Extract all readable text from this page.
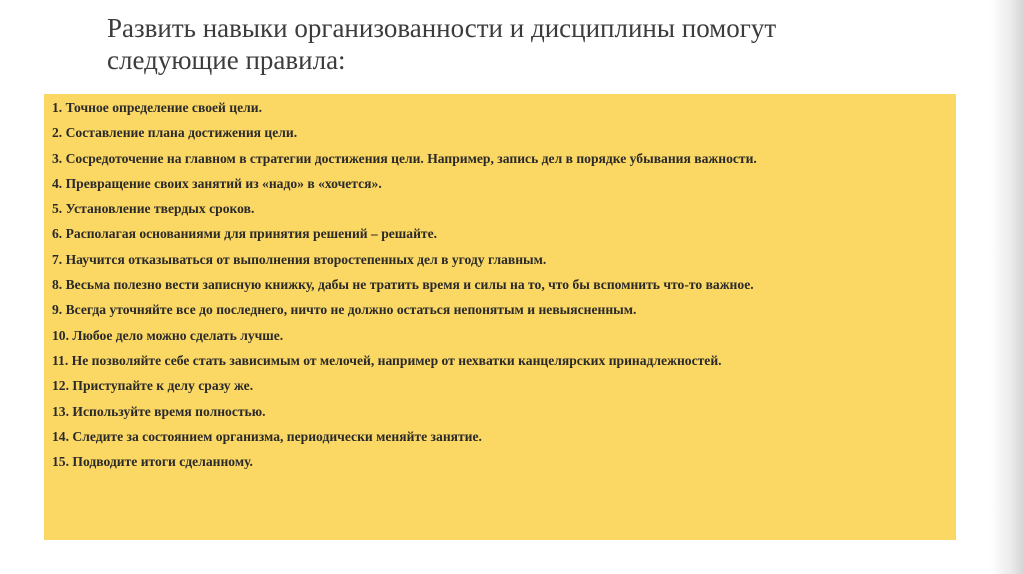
Развить навыки организованности и дисциплины помогут
следующие правила:
1. Точное определение своей цели.
2. Составление плана достижения цели.
3. Сосредоточение на главном в стратегии достижения цели. Например, запись дел в порядке убывания важности.
4. Превращение своих занятий из «надо» в «хочется».
5. Установление твердых сроков.
6. Располагая основаниями для принятия решений – решайте.
7. Научится отказываться от выполнения второстепенных дел в угоду главным.
8. Весьма полезно вести записную книжку, дабы не тратить время и силы на то, что бы вспомнить что-то важное.
9. Всегда уточняйте все до последнего, ничто не должно остаться непонятым и невыясненным.
10. Любое дело можно сделать лучше.
11. Не позволяйте себе стать зависимым от мелочей, например от нехватки канцелярских принадлежностей.
12. Приступайте к делу сразу же.
13. Используйте время полностью.
14. Следите за состоянием организма, периодически меняйте занятие.
15. Подводите итоги сделанному.
